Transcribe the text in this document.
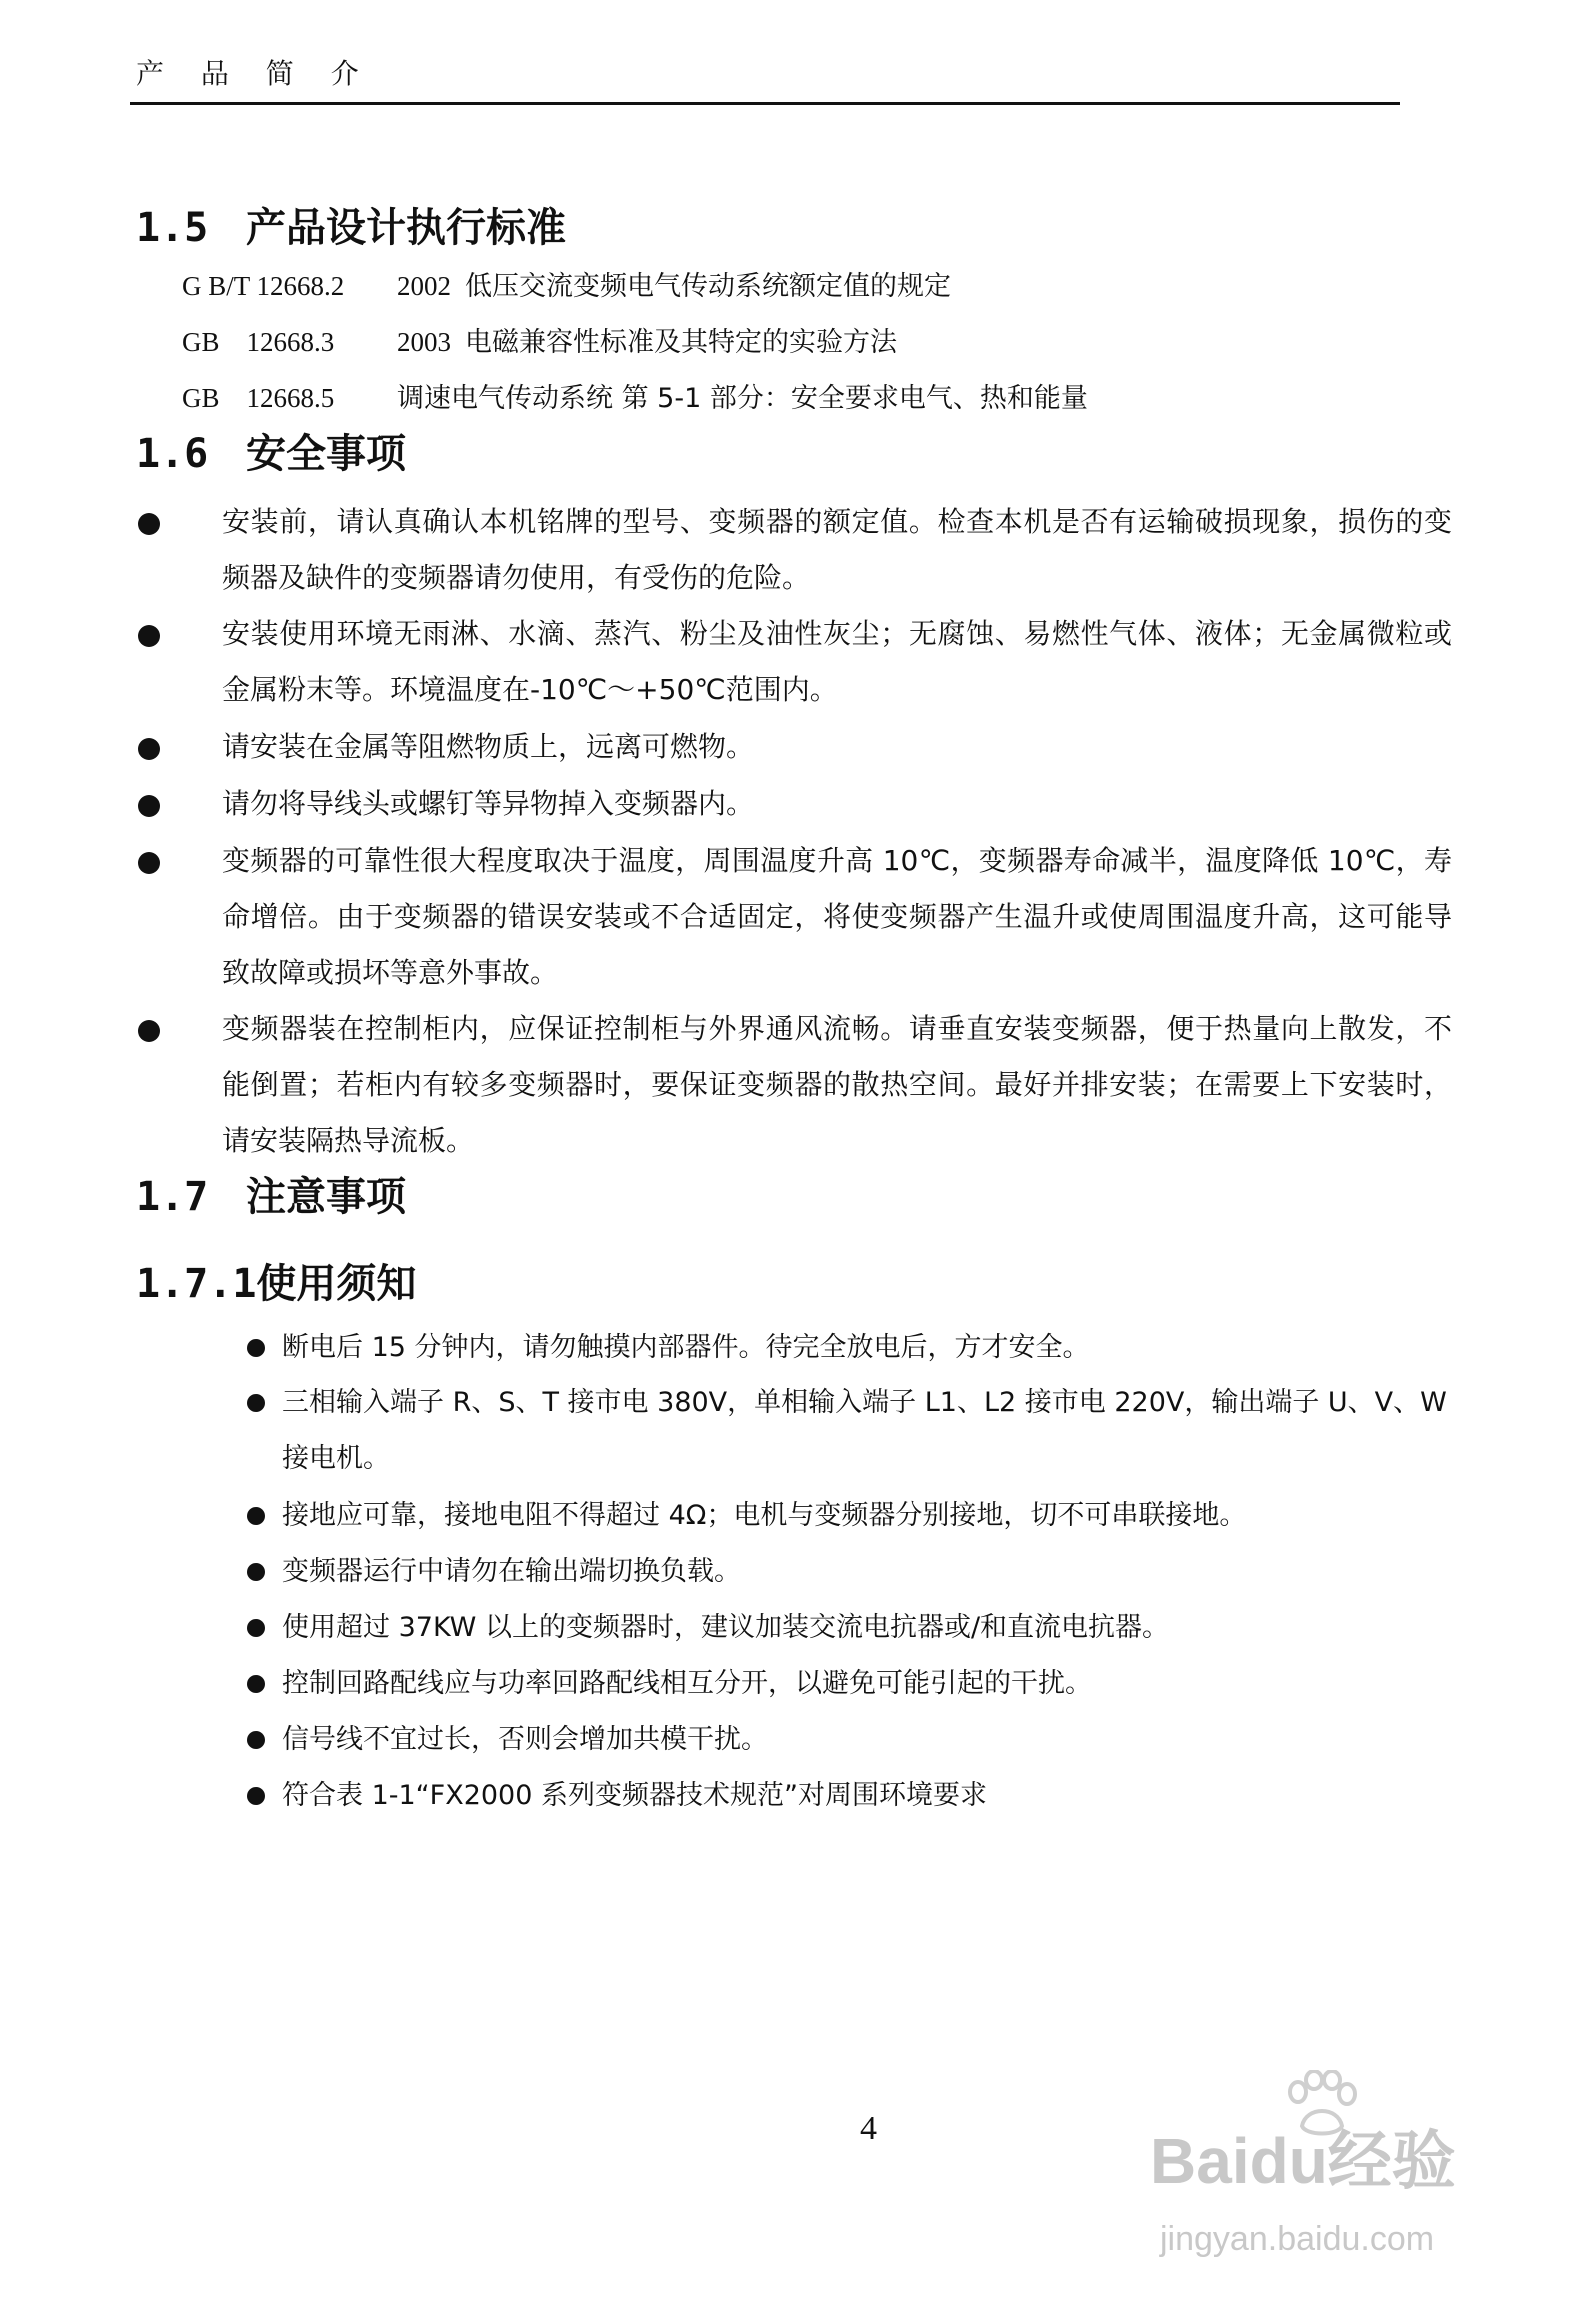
产 品 简 介
1.5 产品设计执行标准
G B/T 12668.2 2002 低压交流变频电气传动系统额定值的规定
GB    12668.3 2003 电磁兼容性标准及其特定的实验方法
GB    12668.5 调速电气传动系统 第 5-1 部分：安全要求电气、热和能量
1.6 安全事项
安装前，请认真确认本机铭牌的型号、变频器的额定值。检查本机是否有运输破损现象，损伤的变频器及缺件的变频器请勿使用，有受伤的危险。
安装使用环境无雨淋、水滴、蒸汽、粉尘及油性灰尘；无腐蚀、易燃性气体、液体；无金属微粒或金属粉末等。环境温度在-10℃～+50℃范围内。
请安装在金属等阻燃物质上，远离可燃物。
请勿将导线头或螺钉等异物掉入变频器内。
变频器的可靠性很大程度取决于温度，周围温度升高 10℃，变频器寿命减半，温度降低 10℃，寿命增倍。由于变频器的错误安装或不合适固定，将使变频器产生温升或使周围温度升高，这可能导致故障或损坏等意外事故。
变频器装在控制柜内，应保证控制柜与外界通风流畅。请垂直安装变频器，便于热量向上散发，不能倒置；若柜内有较多变频器时，要保证变频器的散热空间。最好并排安装；在需要上下安装时，请安装隔热导流板。
1.7 注意事项
1.7.1使用须知
断电后 15 分钟内，请勿触摸内部器件。待完全放电后，方才安全。
三相输入端子 R、S、T 接市电 380V，单相输入端子 L1、L2 接市电 220V，输出端子 U、V、W 接电机。
接地应可靠，接地电阻不得超过 4Ω；电机与变频器分别接地，切不可串联接地。
变频器运行中请勿在输出端切换负载。
使用超过 37KW 以上的变频器时，建议加装交流电抗器或/和直流电抗器。
控制回路配线应与功率回路配线相互分开，以避免可能引起的干扰。
信号线不宜过长，否则会增加共模干扰。
符合表 1-1“FX2000 系列变频器技术规范”对周围环境要求
4	Baidu经验
jingyan.baidu.com
